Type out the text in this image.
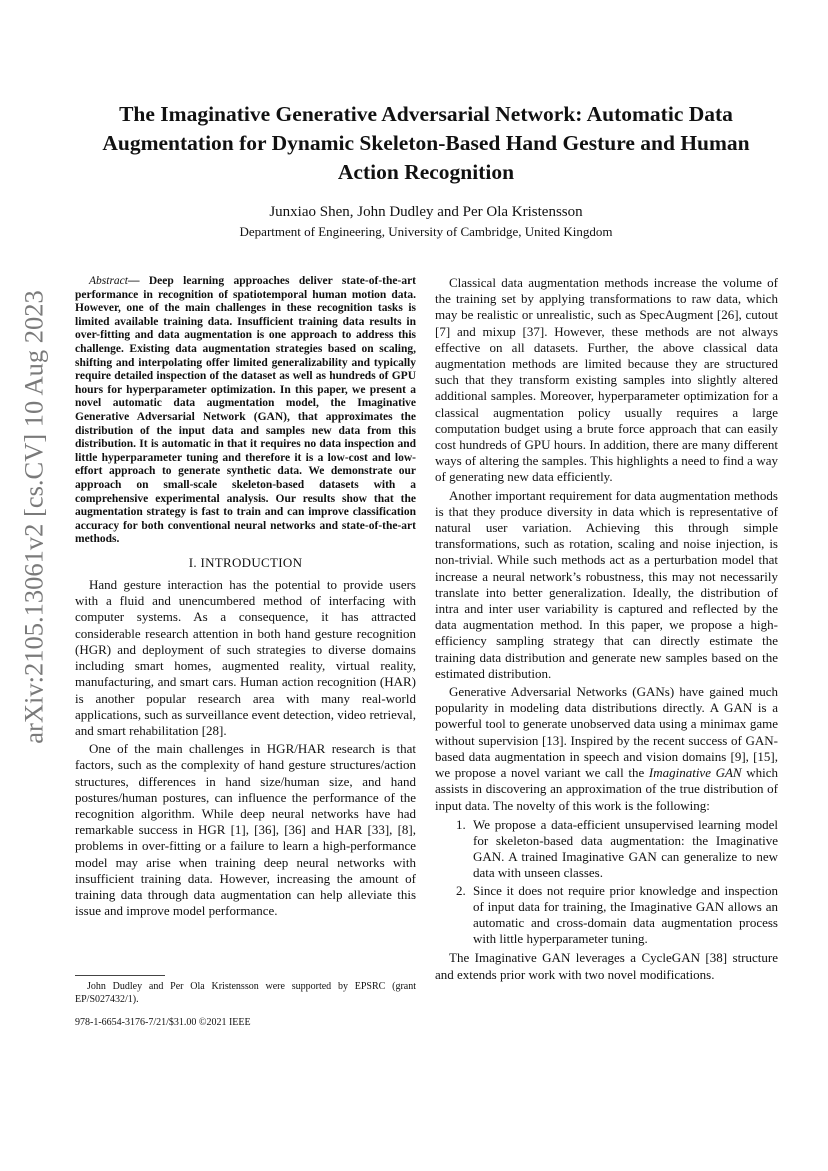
arXiv:2105.13061v2 [cs.CV] 10 Aug 2023
The Imaginative Generative Adversarial Network: Automatic Data Augmentation for Dynamic Skeleton-Based Hand Gesture and Human Action Recognition
Junxiao Shen, John Dudley and Per Ola Kristensson
Department of Engineering, University of Cambridge, United Kingdom

Abstract— Deep learning approaches deliver state-of-the-art performance in recognition of spatiotemporal human motion data. However, one of the main challenges in these recognition tasks is limited available training data. Insufficient training data results in over-fitting and data augmentation is one approach to address this challenge. Existing data augmentation strategies based on scaling, shifting and interpolating offer limited generalizability and typically require detailed inspection of the dataset as well as hundreds of GPU hours for hyperparameter optimization. In this paper, we present a novel automatic data augmentation model, the Imaginative Generative Adversarial Network (GAN), that approximates the distribution of the input data and samples new data from this distribution. It is automatic in that it requires no data inspection and little hyperparameter tuning and therefore it is a low-cost and low-effort approach to generate synthetic data. We demonstrate our approach on small-scale skeleton-based datasets with a comprehensive experimental analysis. Our results show that the augmentation strategy is fast to train and can improve classification accuracy for both conventional neural networks and state-of-the-art methods.

I. INTRODUCTION

Hand gesture interaction has the potential to provide users with a fluid and unencumbered method of interfacing with computer systems. As a consequence, it has attracted considerable research attention in both hand gesture recognition (HGR) and deployment of such strategies to diverse domains including smart homes, augmented reality, virtual reality, manufacturing, and smart cars. Human action recognition (HAR) is another popular research area with many real-world applications, such as surveillance event detection, video retrieval, and smart rehabilitation [28].

One of the main challenges in HGR/HAR research is that factors, such as the complexity of hand gesture structures/action structures, differences in hand size/human size, and hand postures/human postures, can influence the performance of the recognition algorithm. While deep neural networks have had remarkable success in HGR [1], [36], [36] and HAR [33], [8], problems in over-fitting or a failure to learn a high-performance model may arise when training deep neural networks with insufficient training data. However, increasing the amount of training data through data augmentation can help alleviate this issue and improve model performance.

John Dudley and Per Ola Kristensson were supported by EPSRC (grant EP/S027432/1).

978-1-6654-3176-7/21/$31.00 ©2021 IEEE

Classical data augmentation methods increase the volume of the training set by applying transformations to raw data, which may be realistic or unrealistic, such as SpecAugment [26], cutout [7] and mixup [37]. However, these methods are not always effective on all datasets. Further, the above classical data augmentation methods are limited because they are structured such that they transform existing samples into slightly altered additional samples. Moreover, hyperparameter optimization for a classical augmentation policy usually requires a large computation budget using a brute force approach that can easily cost hundreds of GPU hours. In addition, there are many different ways of altering the samples. This highlights a need to find a way of generating new data efficiently.

Another important requirement for data augmentation methods is that they produce diversity in data which is representative of natural user variation. Achieving this through simple transformations, such as rotation, scaling and noise injection, is non-trivial. While such methods act as a perturbation model that increase a neural network’s robustness, this may not necessarily translate into better generalization. Ideally, the distribution of intra and inter user variability is captured and reflected by the data augmentation method. In this paper, we propose a high-efficiency sampling strategy that can directly estimate the training data distribution and generate new samples based on the estimated distribution.

Generative Adversarial Networks (GANs) have gained much popularity in modeling data distributions directly. A GAN is a powerful tool to generate unobserved data using a minimax game without supervision [13]. Inspired by the recent success of GAN-based data augmentation in speech and vision domains [9], [15], we propose a novel variant we call the Imaginative GAN which assists in discovering an approximation of the true distribution of input data. The novelty of this work is the following:

1. We propose a data-efficient unsupervised learning model for skeleton-based data augmentation: the Imaginative GAN. A trained Imaginative GAN can generalize to new data with unseen classes.
2. Since it does not require prior knowledge and inspection of input data for training, the Imaginative GAN allows an automatic and cross-domain data augmentation process with little hyperparameter tuning.

The Imaginative GAN leverages a CycleGAN [38] structure and extends prior work with two novel modifications.
